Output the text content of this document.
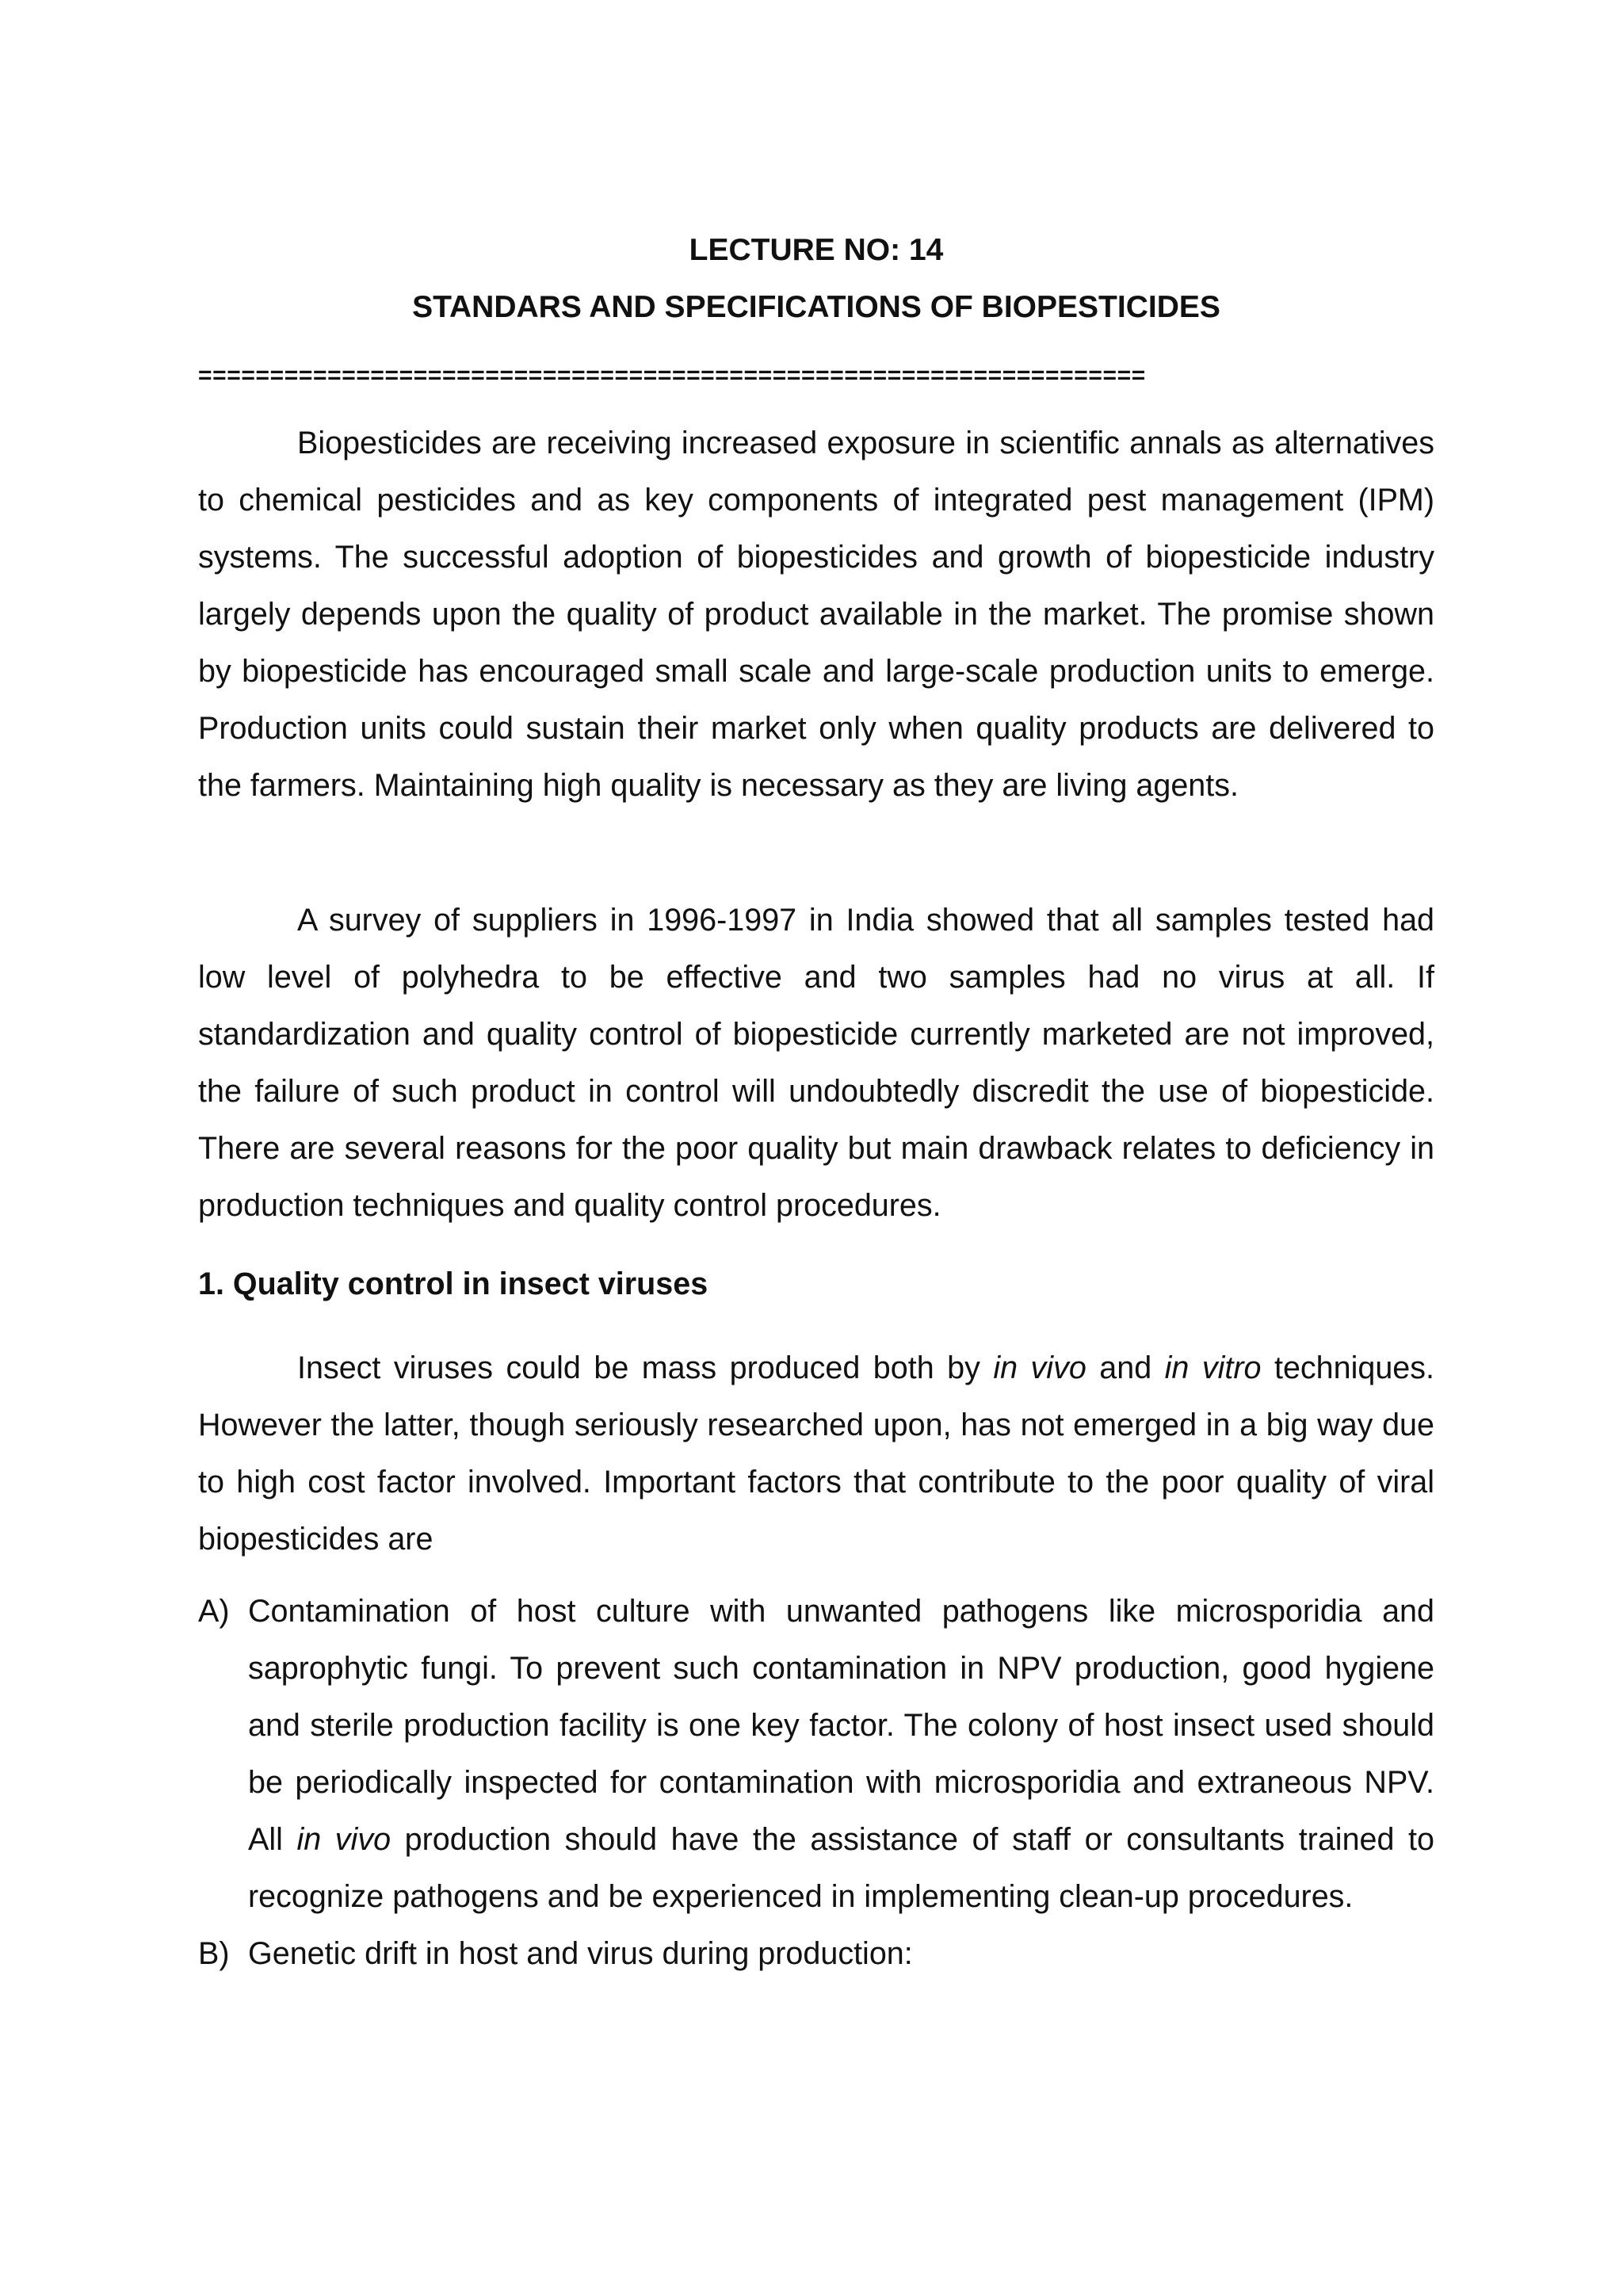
LECTURE NO: 14
STANDARS AND SPECIFICATIONS OF BIOPESTICIDES
==================================================================

Biopesticides are receiving increased exposure in scientific annals as alternatives to chemical pesticides and as key components of integrated pest management (IPM) systems. The successful adoption of biopesticides and growth of biopesticide industry largely depends upon the quality of product available in the market. The promise shown by biopesticide has encouraged small scale and large-scale production units to emerge. Production units could sustain their market only when quality products are delivered to the farmers. Maintaining high quality is necessary as they are living agents.

A survey of suppliers in 1996-1997 in India showed that all samples tested had low level of polyhedra to be effective and two samples had no virus at all. If standardization and quality control of biopesticide currently marketed are not improved, the failure of such product in control will undoubtedly discredit the use of biopesticide. There are several reasons for the poor quality but main drawback relates to deficiency in production techniques and quality control procedures.

1. Quality control in insect viruses

Insect viruses could be mass produced both by in vivo and in vitro techniques. However the latter, though seriously researched upon, has not emerged in a big way due to high cost factor involved. Important factors that contribute to the poor quality of viral biopesticides are

A) Contamination of host culture with unwanted pathogens like microsporidia and saprophytic fungi. To prevent such contamination in NPV production, good hygiene and sterile production facility is one key factor. The colony of host insect used should be periodically inspected for contamination with microsporidia and extraneous NPV. All in vivo production should have the assistance of staff or consultants trained to recognize pathogens and be experienced in implementing clean-up procedures.
B) Genetic drift in host and virus during production:
